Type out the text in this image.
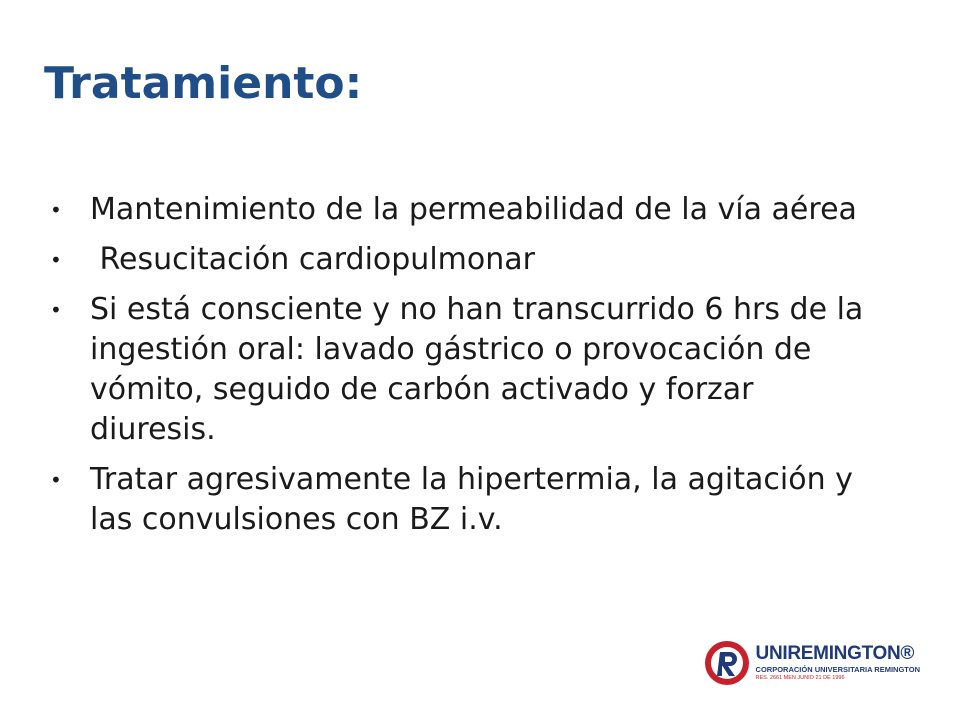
Tratamiento:
• Mantenimiento de la permeabilidad de la vía aérea
• Resucitación cardiopulmonar
• Si está consciente y no han transcurrido 6 hrs de la ingestión oral: lavado gástrico o provocación de vómito, seguido de carbón activado y forzar diuresis.
• Tratar agresivamente la hipertermia, la agitación y las convulsiones con BZ i.v.
UNIREMINGTON®
CORPORACIÓN UNIVERSITARIA REMINGTON
RES. 2661 MEN JUNIO 21 DE 1996
